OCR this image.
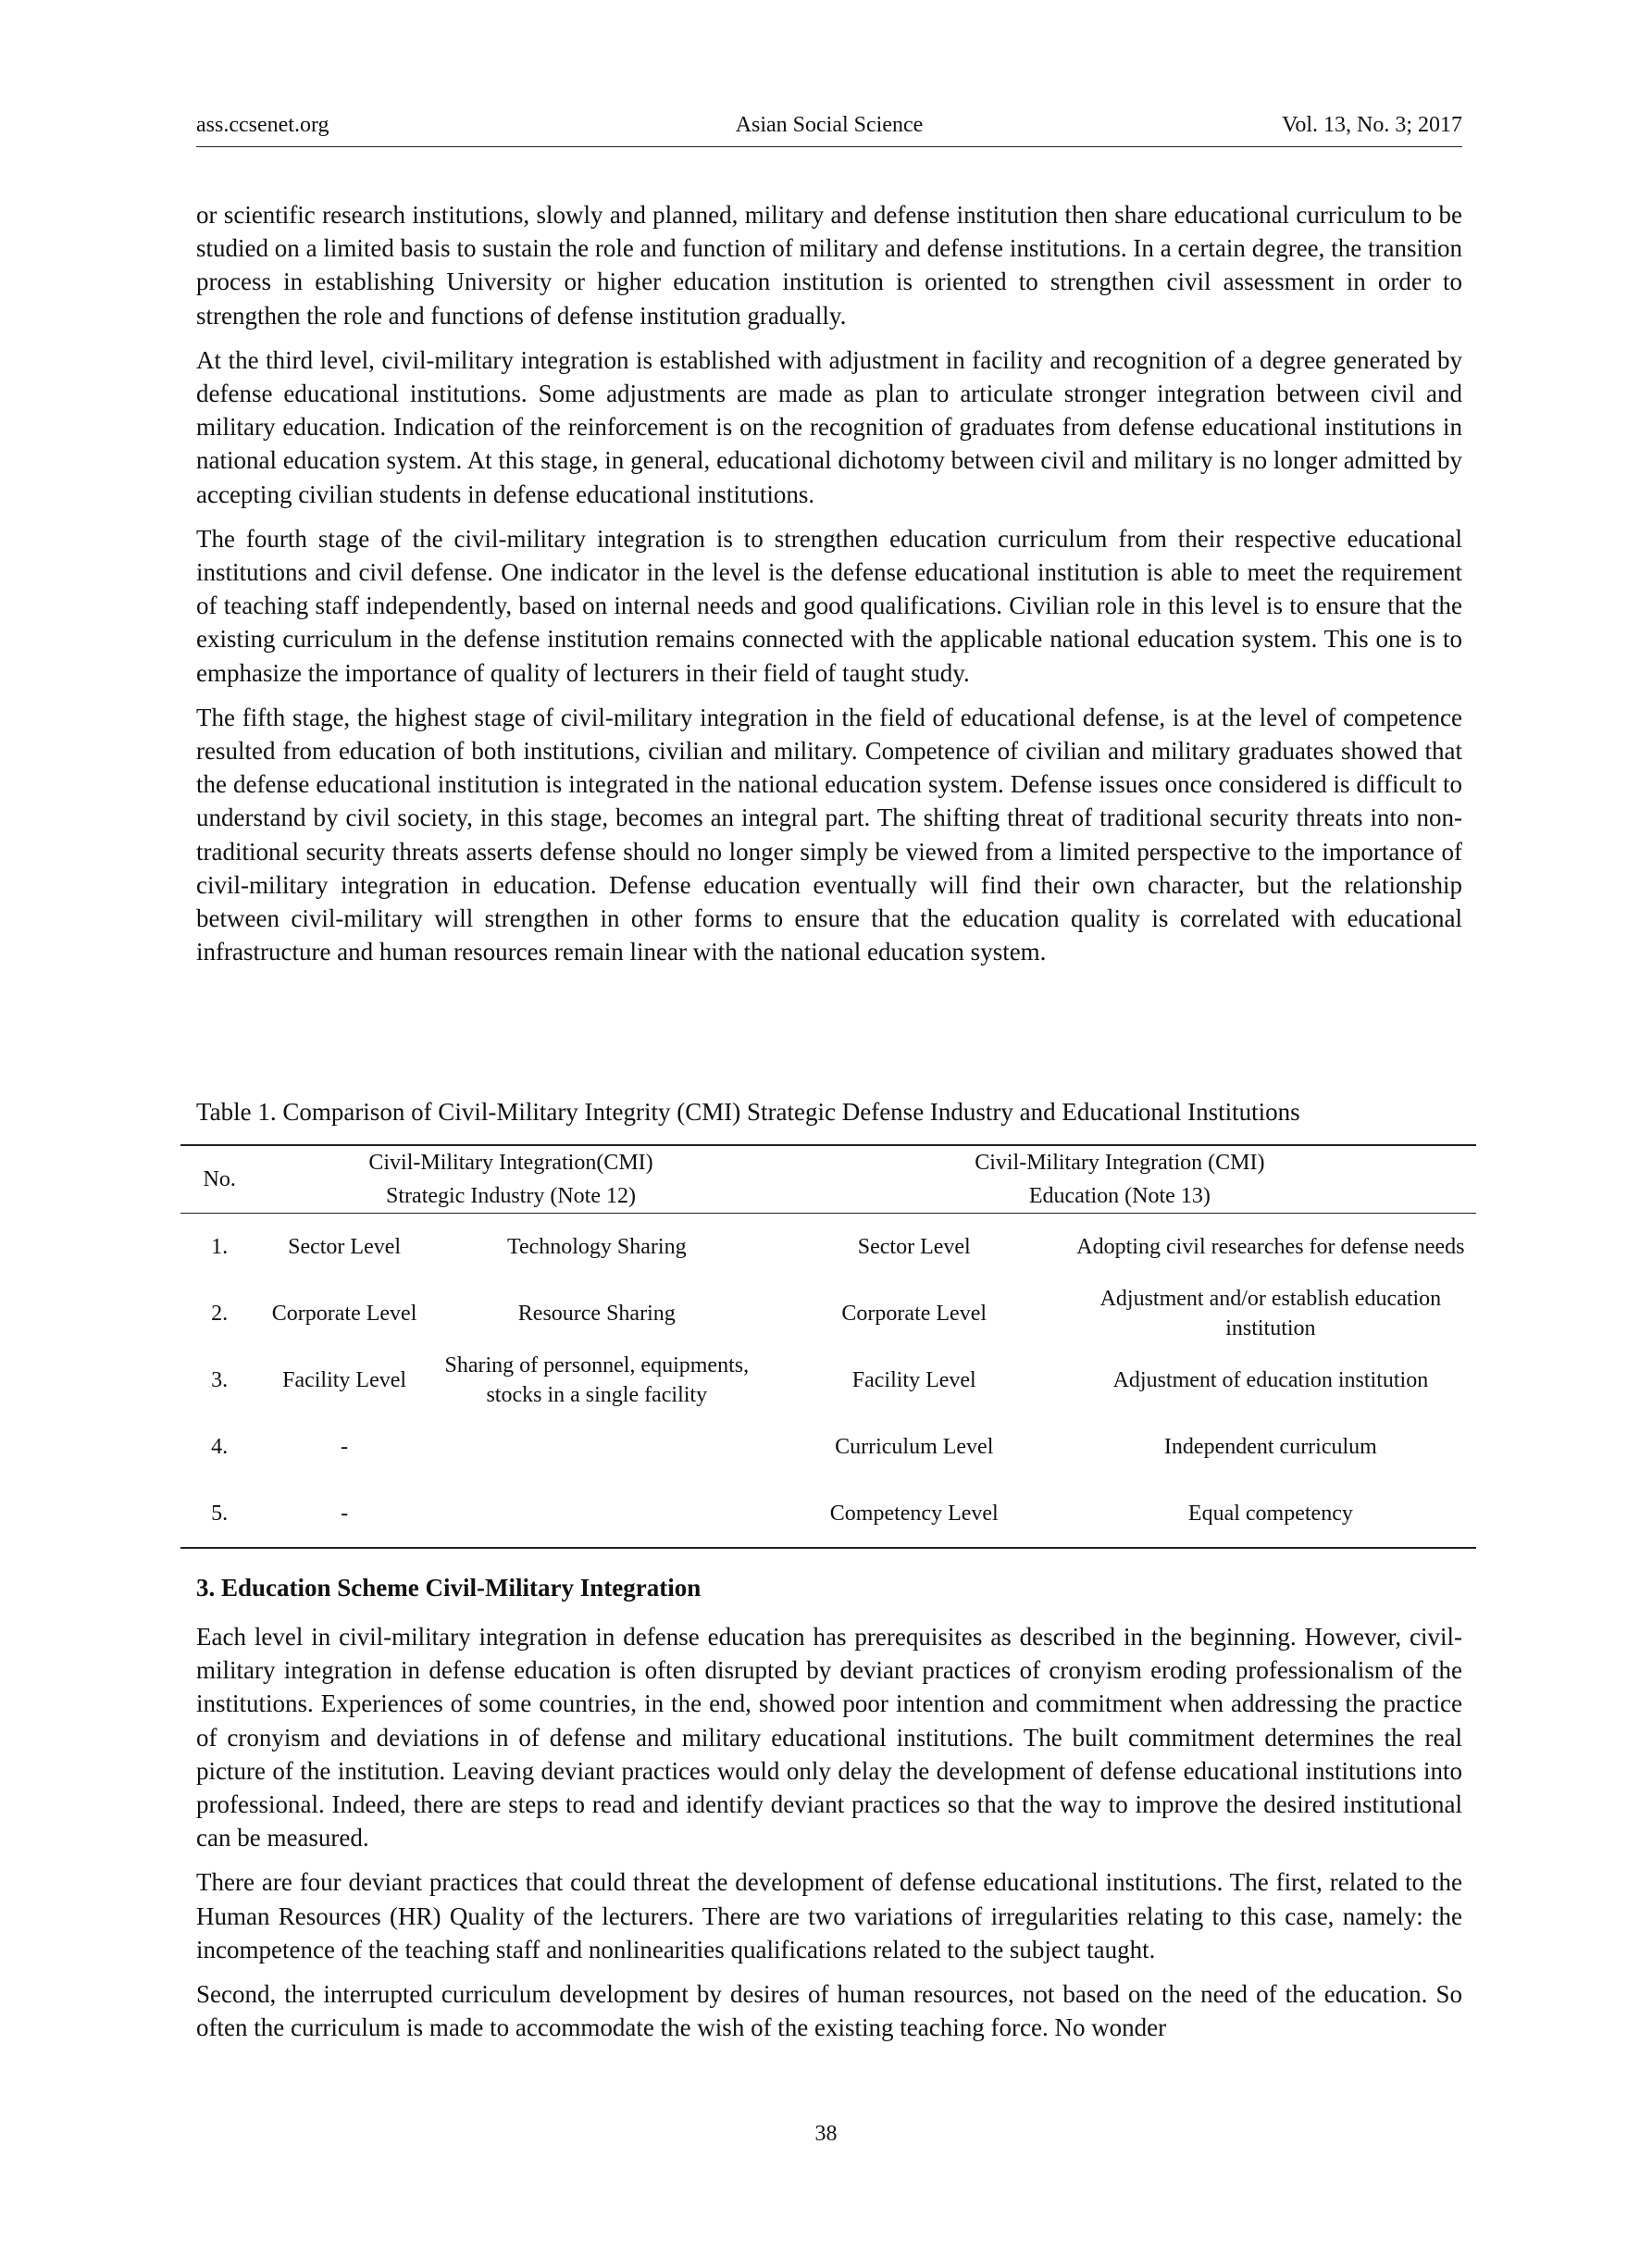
ass.ccsenet.org	Asian Social Science	Vol. 13, No. 3; 2017

or scientific research institutions, slowly and planned, military and defense institution then share educational curriculum to be studied on a limited basis to sustain the role and function of military and defense institutions. In a certain degree, the transition process in establishing University or higher education institution is oriented to strengthen civil assessment in order to strengthen the role and functions of defense institution gradually.

At the third level, civil-military integration is established with adjustment in facility and recognition of a degree generated by defense educational institutions. Some adjustments are made as plan to articulate stronger integration between civil and military education. Indication of the reinforcement is on the recognition of graduates from defense educational institutions in national education system. At this stage, in general, educational dichotomy between civil and military is no longer admitted by accepting civilian students in defense educational institutions.

The fourth stage of the civil-military integration is to strengthen education curriculum from their respective educational institutions and civil defense. One indicator in the level is the defense educational institution is able to meet the requirement of teaching staff independently, based on internal needs and good qualifications. Civilian role in this level is to ensure that the existing curriculum in the defense institution remains connected with the applicable national education system. This one is to emphasize the importance of quality of lecturers in their field of taught study.

The fifth stage, the highest stage of civil-military integration in the field of educational defense, is at the level of competence resulted from education of both institutions, civilian and military. Competence of civilian and military graduates showed that the defense educational institution is integrated in the national education system. Defense issues once considered is difficult to understand by civil society, in this stage, becomes an integral part. The shifting threat of traditional security threats into non-traditional security threats asserts defense should no longer simply be viewed from a limited perspective to the importance of civil-military integration in education. Defense education eventually will find their own character, but the relationship between civil-military will strengthen in other forms to ensure that the education quality is correlated with educational infrastructure and human resources remain linear with the national education system.

Table 1. Comparison of Civil-Military Integrity (CMI) Strategic Defense Industry and Educational Institutions
No.	Civil-Military Integration(CMI)		Civil-Military Integration (CMI)	
	Strategic Industry (Note 12)		Education (Note 13)	

1.	Sector Level	Technology Sharing	Sector Level	Adopting civil researches for defense needs
2.	Corporate Level	Resource Sharing	Corporate Level	Adjustment and/or establish education institution
3.	Facility Level	Sharing of personnel, equipments, stocks in a single facility	Facility Level	Adjustment of education institution
4.	-		Curriculum Level	Independent curriculum
5.	-		Competency Level	Equal competency
3. Education Scheme Civil-Military Integration

Each level in civil-military integration in defense education has prerequisites as described in the beginning. However, civil-military integration in defense education is often disrupted by deviant practices of cronyism eroding professionalism of the institutions. Experiences of some countries, in the end, showed poor intention and commitment when addressing the practice of cronyism and deviations in of defense and military educational institutions. The built commitment determines the real picture of the institution. Leaving deviant practices would only delay the development of defense educational institutions into professional. Indeed, there are steps to read and identify deviant practices so that the way to improve the desired institutional can be measured.

There are four deviant practices that could threat the development of defense educational institutions. The first, related to the Human Resources (HR) Quality of the lecturers. There are two variations of irregularities relating to this case, namely: the incompetence of the teaching staff and nonlinearities qualifications related to the subject taught.

Second, the interrupted curriculum development by desires of human resources, not based on the need of the education. So often the curriculum is made to accommodate the wish of the existing teaching force. No wonder

38
